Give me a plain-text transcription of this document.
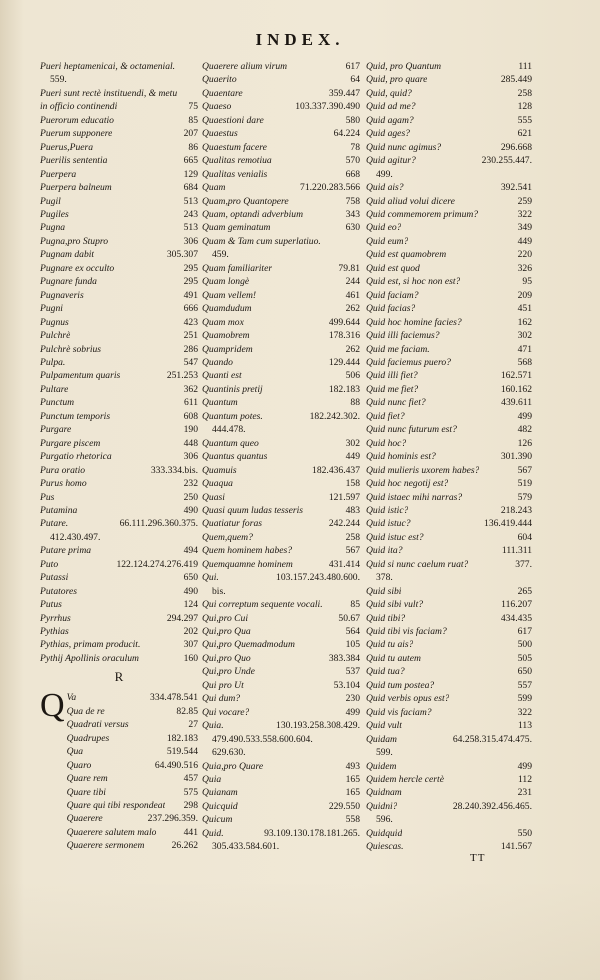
INDEX.
Pueri heptamenicai, & octamenial.
559.
Pueri sunt rectè instituendi, & metu
in officio continendi	75
Puerorum educatio	85
Puerum supponere	207
Puerus,Puera	86
Puerilis sententia	665
Puerpera	129
Puerpera balneum	684
Pugil	513
Pugiles	243
Pugna	513
Pugna,pro Stupro	306
Pugnam dabit	305.307
Pugnare ex occulto	295
Pugnare funda	295
Pugnaveris	491
Pugni	666
Pugnus	423
Pulchrè	251
Pulchrè sobrius	286
Pulpa.	547
Pulpamentum quaris	251.253
Pultare	362
Punctum	611
Punctum temporis	608
Purgare	190
Purgare piscem	448
Purgatio rhetorica	306
Pura oratio	333.334.bis.
Purus homo	232
Pus	250
Putamina	490
Putare.	66.111.296.360.375.
412.430.497.
Putare prima	494
Puto	122.124.274.276.419
Putassi	650
Putatores	490
Putus	124
Pyrrhus	294.297
Pythias	202
Pythias, primam producit.	307
Pythij Apollinis oraculum	160
R
Q Va	334.478.541
Qua de re	82.85
Quadrati versus	27
Quadrupes	182.183
Qua	519.544
Quaro	64.490.516
Quare rem	457
Quare tibi	575
Quare qui tibi respondeat	298
Quaerere	237.296.359.
Quaerere salutem malo	441
Quaerere sermonem	26.262
Quaerere alium virum	617
Quaerito	64
Quaentare	359.447
Quaeso	103.337.390.490
Quaestioni dare	580
Quaestus	64.224
Quaestum facere	78
Qualitas remotiua	570
Qualitas venialis	668
Quam	71.220.283.566
Quam,pro Quantopere	758
Quam, optandi adverbium	343
Quam geminatum	630
Quam & Tam cum superlatiuo.
459.
Quam familiariter	79.81
Quam longè	244
Quam vellem!	461
Quamdudum	262
Quam mox	499.644
Quamobrem	178.316
Quampridem	262
Quando	129.444
Quanti est	506
Quantinis pretij	182.183
Quantum	88
Quantum potes.	182.242.302.
444.478.
Quantum queo	302
Quantus quantus	449
Quamuis	182.436.437
Quaqua	158
Quasi	121.597
Quasi quum ludas tesseris	483
Quatiatur foras	242.244
Quem,quem?	258
Quem hominem habes?	567
Quemquamne hominem	431.414
Qui.	103.157.243.480.600.
bis.
Qui correptum sequente vocali.	85
Qui,pro Cui	50.67
Qui,pro Qua	564
Qui,pro Quemadmodum	105
Qui,pro Quo	383.384
Qui,pro Unde	537
Qui pro Ut	53.104
Qui dum?	230
Qui vocare?	499
Quia.	130.193.258.308.429.
479.490.533.558.600.604.
629.630.
Quia,pro Quare	493
Quia	165
Quianam	165
Quicquid	229.550
Quicum	558
Quid.	93.109.130.178.181.265.
305.433.584.601.
Quid, pro Quantum	111
Quid, pro quare	285.449
Quid, quid?	258
Quid ad me?	128
Quid agam?	555
Quid ages?	621
Quid nunc agimus?	296.668
Quid agitur?	230.255.447.
499.
Quid ais?	392.541
Quid aliud volui dicere	259
Quid commemorem primum?	322
Quid eo?	349
Quid eum?	449
Quid est quamobrem	220
Quid est quod	326
Quid est, si hoc non est?	95
Quid faciam?	209
Quid facias?	451
Quid hoc homine facies?	162
Quid illi faciemus?	302
Quid me faciam.	471
Quid faciemus puero?	568
Quid illi fiet?	162.571
Quid me fiet?	160.162
Quid nunc fiet?	439.611
Quid fiet?	499
Quid nunc futurum est?	482
Quid hoc?	126
Quid hominis est?	301.390
Quid mulieris uxorem habes?	567
Quid hoc negotij est?	519
Quid istaec mihi narras?	579
Quid istic?	218.243
Quid istuc?	136.419.444
Quid istuc est?	604
Quid ita?	111.311
Quid si nunc caelum ruat?	377.
378.
Quid sibi	265
Quid sibi vult?	116.207
Quid tibi?	434.435
Quid tibi vis faciam?	617
Quid tu ais?	500
Quid tu autem	505
Quid tua?	650
Quid tum postea?	557
Quid verbis opus est?	599
Quid vis faciam?	322
Quid vult	113
Quidam	64.258.315.474.475.
599.
Quidem	499
Quidem hercle certè	112
Quidnam	231
Quidni?	28.240.392.456.465.
596.
Quidquid	550
Quiescas.	141.567
TT
